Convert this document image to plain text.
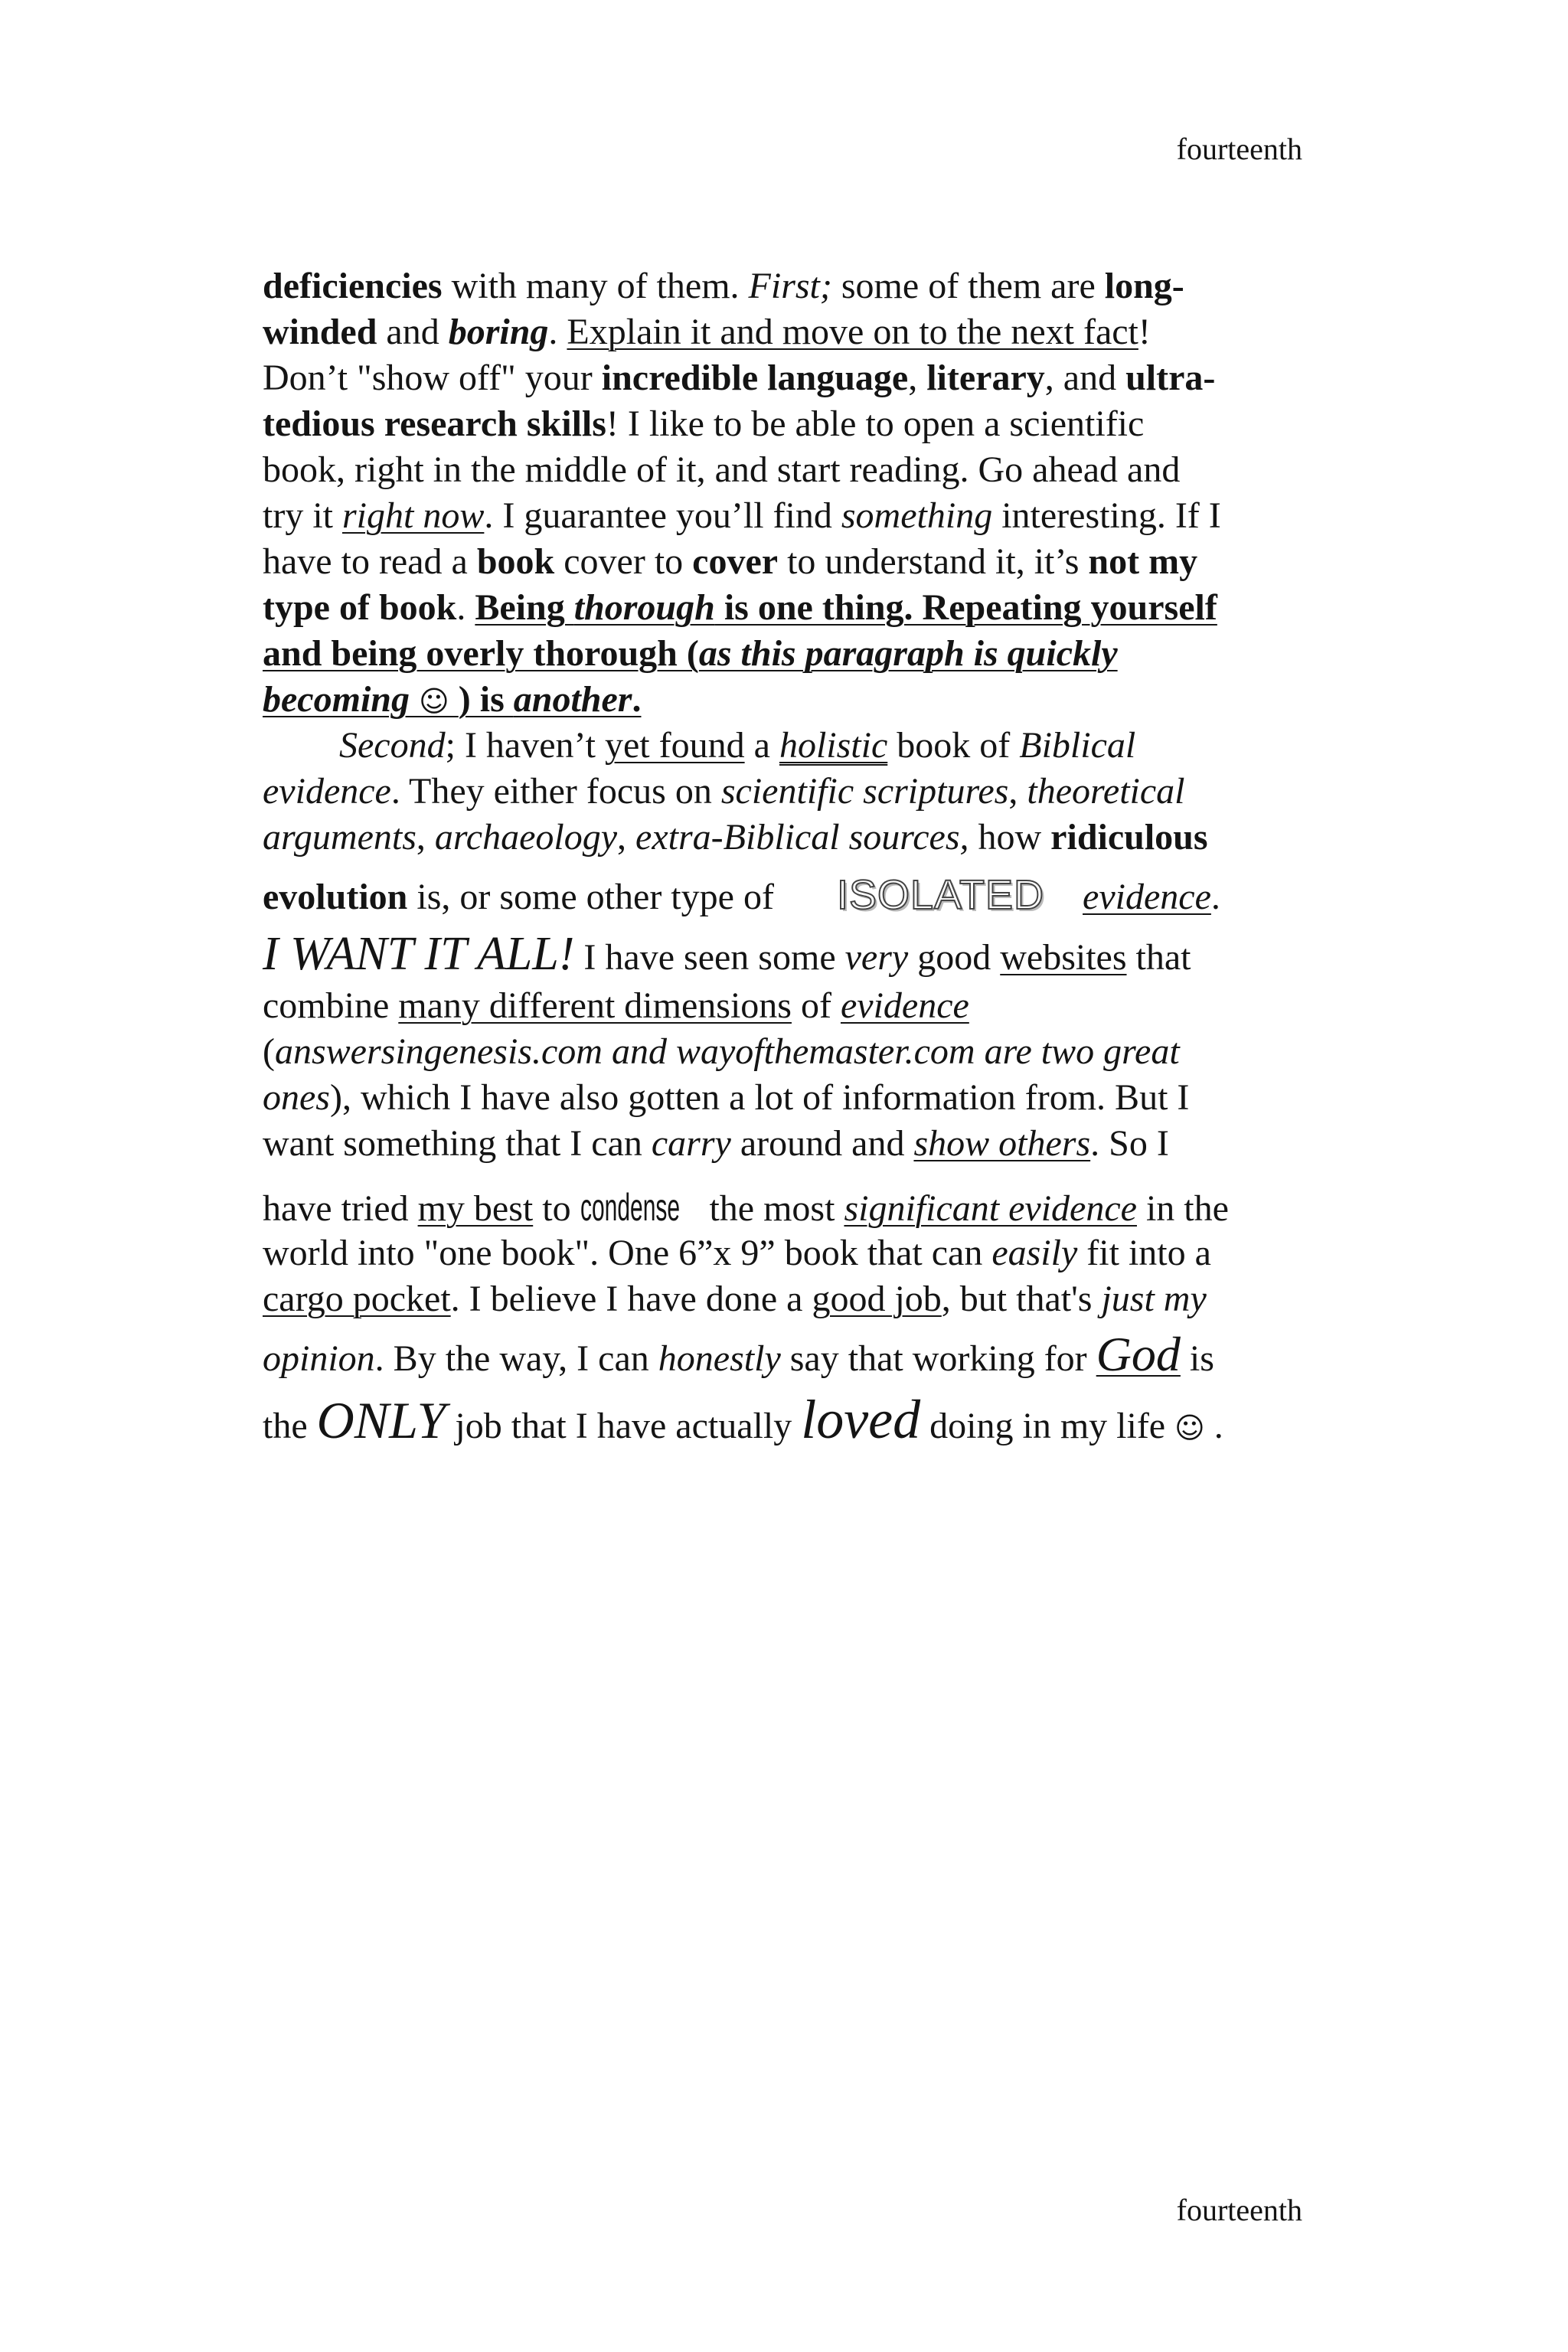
fourteenth
deficiencies with many of them. First; some of them are long-
winded and boring. Explain it and move on to the next fact!
Don’t "show off" your incredible language, literary, and ultra-
tedious research skills! I like to be able to open a scientific
book, right in the middle of it, and start reading. Go ahead and
try it right now. I guarantee you’ll find something interesting. If I
have to read a book cover to cover to understand it, it’s not my
type of book. Being thorough is one thing. Repeating yourself
and being overly thorough (as this paragraph is quickly
becoming ☺ ) is another.
Second; I haven’t yet found a holistic book of Biblical
evidence. They either focus on scientific scriptures, theoretical
arguments, archaeology, extra-Biblical sources, how ridiculous
evolution is, or some other type of ISOLATED evidence.
I WANT IT ALL! I have seen some very good websites that
combine many different dimensions of evidence
(answersingenesis.com and wayofthemaster.com are two great
ones), which I have also gotten a lot of information from. But I
want something that I can carry around and show others. So I
have tried my best to condense the most significant evidence in the
world into "one book". One 6”x 9” book that can easily fit into a
cargo pocket. I believe I have done a good job, but that's just my
opinion. By the way, I can honestly say that working for God is
the ONLY job that I have actually loved doing in my life ☺ .
fourteenth
